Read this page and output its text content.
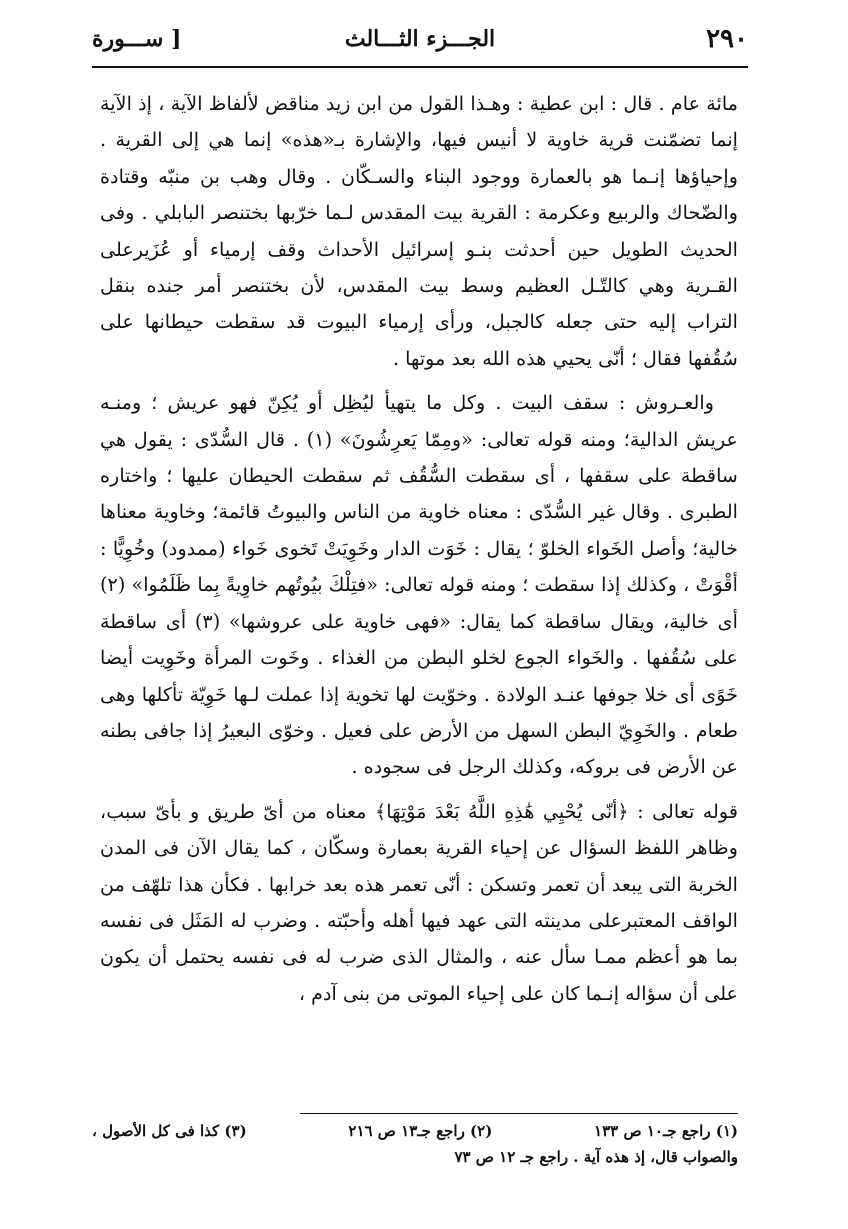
٢٩٠
الجـــزء الثـــالث
[ ســـورة

مائة عام . قال : ابن عطية : وهـذا القول من ابن زيد مناقض لألفاظ الآية ، إذ الآية إنما تضمّنت قرية خاوية لا أنيس فيها، والإشارة بـ«هذه» إنما هي إلى القرية . وإحياؤها إنـما هو بالعمارة ووجود البناء والسـكّان . وقال وهب بن منبّه وقتادة والضّحاك والربيع وعكرمة : القرية بيت المقدس لـما خرّبها بختنصر البابلي . وفى الحديث الطويل حين أحدثت بنـو إسرائيل الأحداث وقف إرمياء أو عُزَيرعلى القـرية وهي كالتّـل العظيم وسط بيت المقدس، لأن بختنصر أمر جنده بنقل التراب إليه حتى جعله كالجبل، ورأى إرمياء البيوت قد سقطت حيطانها على سُقُفها فقال ؛ أنّى يحيي هذه الله بعد موتها .

والعـروش : سقف البيت . وكل ما يتهيأ ليُظِل أو يُكِنّ فهو عريش ؛ ومنـه عريش الدالية؛ ومنه قوله تعالى: «ومِمّا يَعرِشُونَ» (١) . قال السُّدّى : يقول هي ساقطة على سقفها ، أى سقطت السُّقُف ثم سقطت الحيطان عليها ؛ واختاره الطبرى . وقال غير السُّدّى : معناه خاوية من الناس والبيوتُ قائمة؛ وخاوية معناها خالية؛ وأصل الخَواء الخلوّ ؛ يقال : خَوَت الدار وخَوِيَتْ تَخوى خَواء (ممدود) وخُوِيًّا : أقْوَتْ ، وكذلك إذا سقطت ؛ ومنه قوله تعالى: «فتِلْكَ بيُوتُهم خاوِيةً بِما ظَلَمُوا» (٢) أى خالية، ويقال ساقطة كما يقال: «فهى خاوية على عروشها» (٣) أى ساقطة على سُقُفها . والخَواء الجوع لخلو البطن من الغذاء . وخَوت المرأة وخَوِيت أيضا خَوًى أى خلا جوفها عنـد الولادة . وخوّيت لها تخوية إذا عملت لـها خَوِيّة تأكلها وهى طعام . والخَوِيّ البطن السهل من الأرض على فعيل . وخوّى البعيرُ إذا جافى بطنه عن الأرض فى بروكه، وكذلك الرجل فى سجوده .

قوله تعالى : ﴿أنّى يُحْيِي هَٰذِهِ اللَّهُ بَعْدَ مَوْتِهَا﴾ معناه من أىّ طريق و بأىّ سبب، وظاهر اللفظ السؤال عن إحياء القرية بعمارة وسكّان ، كما يقال الآن فى المدن الخربة التى يبعد أن تعمر وتسكن : أنّى تعمر هذه بعد خرابها . فكأن هذا تلهّف من الواقف المعتبرعلى مدينته التى عهد فيها أهله وأحبّته . وضرب له المَثَل فى نفسه بما هو أعظم ممـا سأل عنه ، والمثال الذى ضرب له فى نفسه يحتمل أن يكون على أن سؤاله إنـما كان على إحياء الموتى من بنى آدم ،

(١) راجع جـ١٠ ص ١٣٣
(٢) راجع جـ١٣ ص ٢١٦
(٣) كذا فى كل الأصول ،
والصواب قال، إذ هذه آية . راجع جـ ١٢ ص ٧٣
